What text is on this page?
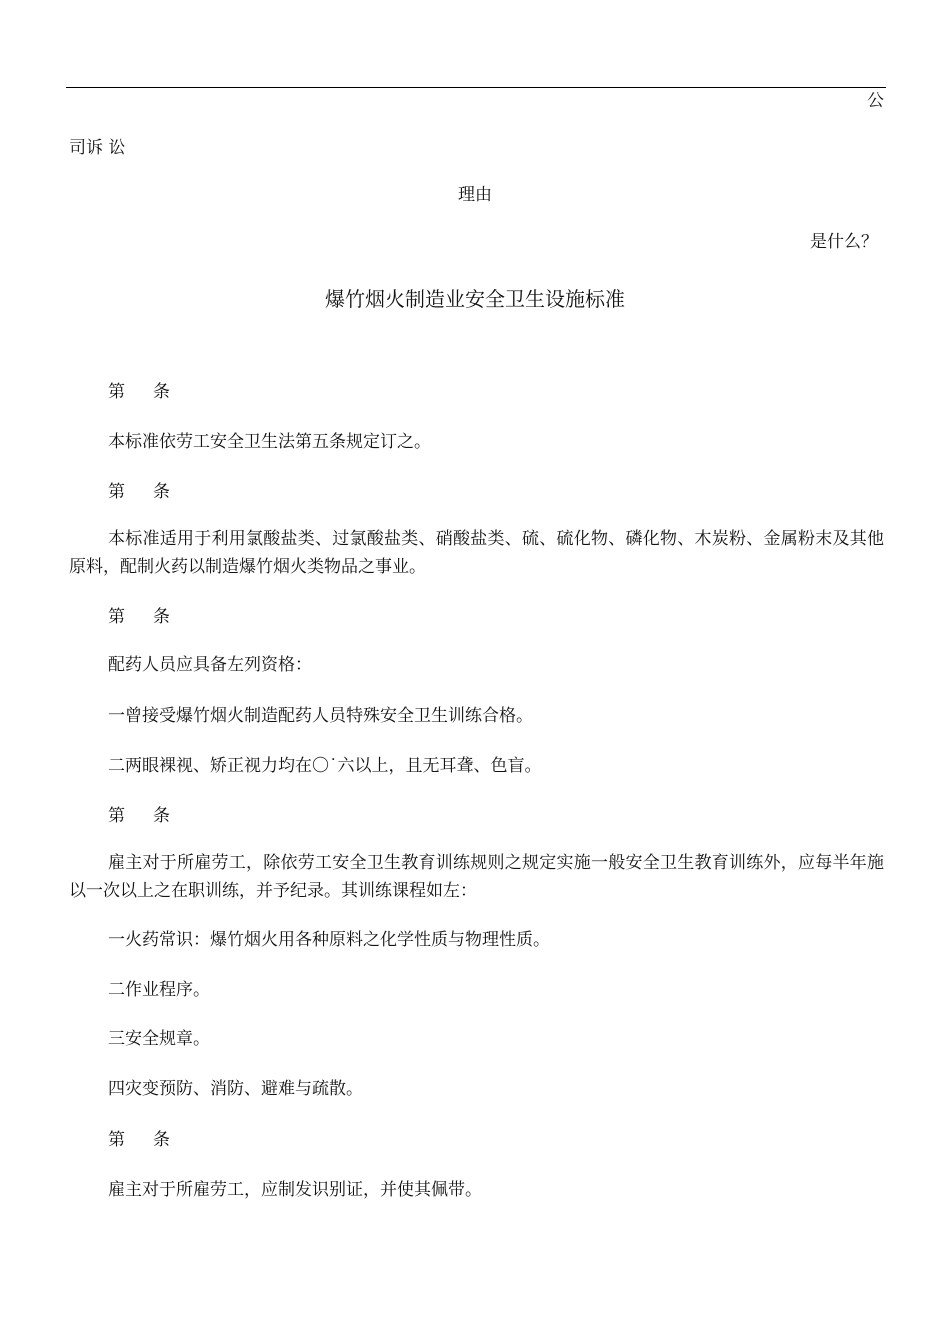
公
司诉 讼
理由
是什么？
爆竹烟火制造业安全卫生设施标准
第条
本标准依劳工安全卫生法第五条规定订之。
第条
本标准适用于利用氯酸盐类、过氯酸盐类、硝酸盐类、硫、硫化物、磷化物、木炭粉、金属粉末及其他原料，配制火药以制造爆竹烟火类物品之事业。
第条
配药人员应具备左列资格：
一曾接受爆竹烟火制造配药人员特殊安全卫生训练合格。
二两眼裸视、矫正视力均在〇˙六以上，且无耳聋、色盲。
第条
雇主对于所雇劳工，除依劳工安全卫生教育训练规则之规定实施一般安全卫生教育训练外，应每半年施以一次以上之在职训练，并予纪录。其训练课程如左：
一火药常识：爆竹烟火用各种原料之化学性质与物理性质。
二作业程序。
三安全规章。
四灾变预防、消防、避难与疏散。
第条
雇主对于所雇劳工，应制发识别证，并使其佩带。
